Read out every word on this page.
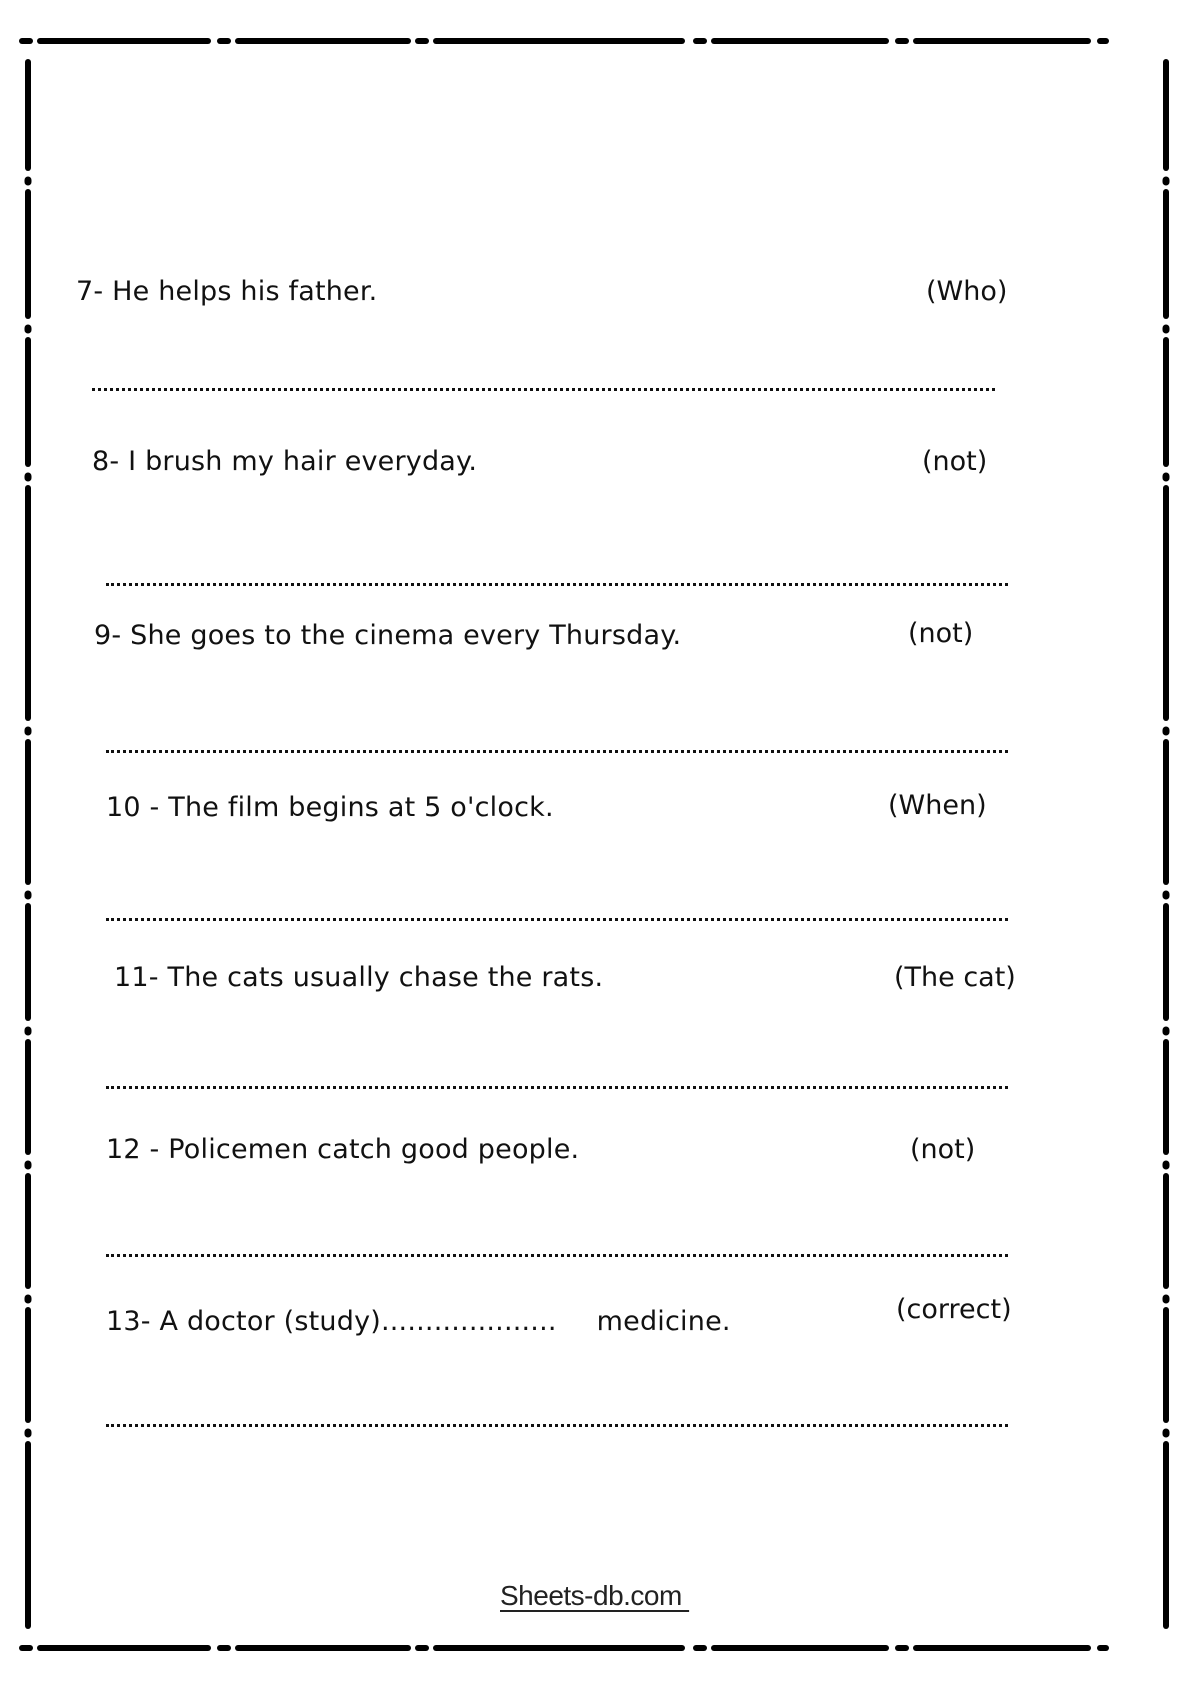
7- He helps his father.	(Who)
8- I brush my hair everyday.	(not)
9- She goes to the cinema every Thursday.	(not)
10 - The film begins at 5 o'clock.	(When)
11- The cats usually chase the rats.	(The cat)
12 - Policemen catch good people.	(not)
13- A doctor (study).................... medicine.	(correct)
Sheets-db.com
